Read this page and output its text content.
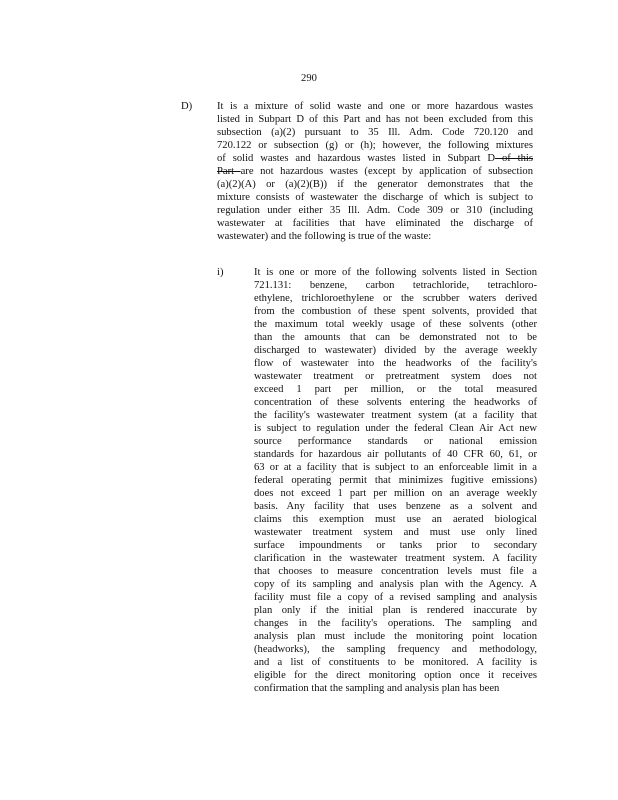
290
D) It is a mixture of solid waste and one or more hazardous wastes
listed in Subpart D of this Part and has not been excluded from this
subsection (a)(2) pursuant to 35 Ill. Adm. Code 720.120 and
720.122 or subsection (g) or (h); however, the following mixtures
of solid wastes and hazardous wastes listed in Subpart D of this
Part are not hazardous wastes (except by application of subsection
(a)(2)(A) or (a)(2)(B)) if the generator demonstrates that the
mixture consists of wastewater the discharge of which is subject to
regulation under either 35 Ill. Adm. Code 309 or 310 (including
wastewater at facilities that have eliminated the discharge of
wastewater) and the following is true of the waste:
i)	It is one or more of the following solvents listed in Section
721.131: benzene, carbon tetrachloride, tetrachloro-
ethylene, trichloroethylene or the scrubber waters derived
from the combustion of these spent solvents, provided that
the maximum total weekly usage of these solvents (other
than the amounts that can be demonstrated not to be
discharged to wastewater) divided by the average weekly
flow of wastewater into the headworks of the facility's
wastewater treatment or pretreatment system does not
exceed 1 part per million, or the total measured
concentration of these solvents entering the headworks of
the facility's wastewater treatment system (at a facility that
is subject to regulation under the federal Clean Air Act new
source performance standards or national emission
standards for hazardous air pollutants of 40 CFR 60, 61, or
63 or at a facility that is subject to an enforceable limit in a
federal operating permit that minimizes fugitive emissions)
does not exceed 1 part per million on an average weekly
basis. Any facility that uses benzene as a solvent and
claims this exemption must use an aerated biological
wastewater treatment system and must use only lined
surface impoundments or tanks prior to secondary
clarification in the wastewater treatment system. A facility
that chooses to measure concentration levels must file a
copy of its sampling and analysis plan with the Agency. A
facility must file a copy of a revised sampling and analysis
plan only if the initial plan is rendered inaccurate by
changes in the facility's operations. The sampling and
analysis plan must include the monitoring point location
(headworks), the sampling frequency and methodology,
and a list of constituents to be monitored. A facility is
eligible for the direct monitoring option once it receives
confirmation that the sampling and analysis plan has been
